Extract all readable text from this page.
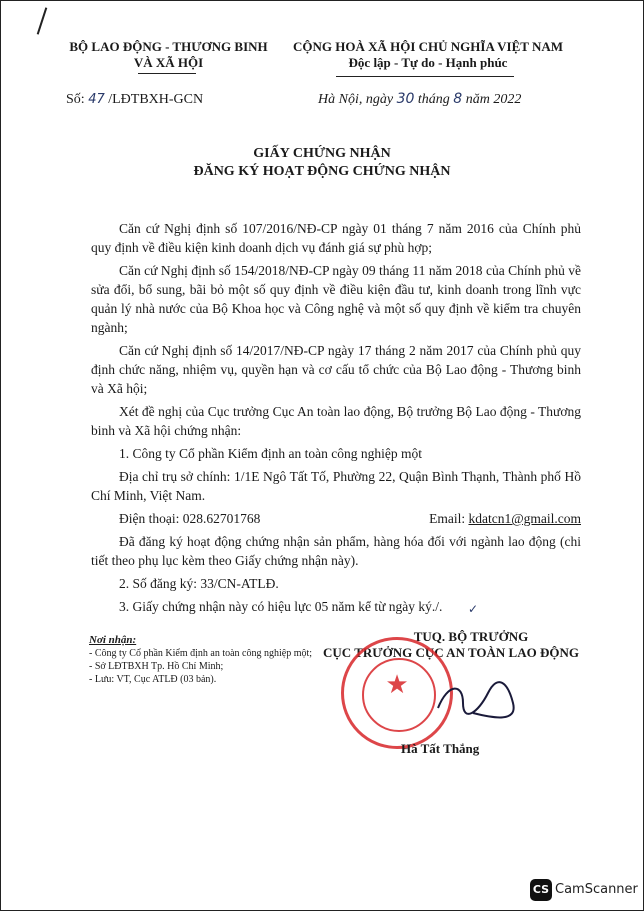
BỘ LAO ĐỘNG - THƯƠNG BINH
VÀ XÃ HỘI
CỘNG HOÀ XÃ HỘI CHỦ NGHĨA VIỆT NAM
Độc lập - Tự do - Hạnh phúc
Số: 47 /LĐTBXH-GCN	Hà Nội, ngày 30 tháng 8 năm 2022
GIẤY CHỨNG NHẬN
ĐĂNG KÝ HOẠT ĐỘNG CHỨNG NHẬN

Căn cứ Nghị định số 107/2016/NĐ-CP ngày 01 tháng 7 năm 2016 của Chính phủ quy định về điều kiện kinh doanh dịch vụ đánh giá sự phù hợp;

Căn cứ Nghị định số 154/2018/NĐ-CP ngày 09 tháng 11 năm 2018 của Chính phủ về sửa đổi, bổ sung, bãi bỏ một số quy định về điều kiện đầu tư, kinh doanh trong lĩnh vực quản lý nhà nước của Bộ Khoa học và Công nghệ và một số quy định về kiểm tra chuyên ngành;

Căn cứ Nghị định số 14/2017/NĐ-CP ngày 17 tháng 2 năm 2017 của Chính phủ quy định chức năng, nhiệm vụ, quyền hạn và cơ cấu tổ chức của Bộ Lao động - Thương binh và Xã hội;

Xét đề nghị của Cục trưởng Cục An toàn lao động, Bộ trưởng Bộ Lao động - Thương binh và Xã hội chứng nhận:

1. Công ty Cổ phần Kiểm định an toàn công nghiệp một

Địa chỉ trụ sở chính: 1/1E Ngô Tất Tố, Phường 22, Quận Bình Thạnh, Thành phố Hồ Chí Minh, Việt Nam.

Điện thoại: 028.62701768	Email: kdatcn1@gmail.com

Đã đăng ký hoạt động chứng nhận sản phẩm, hàng hóa đối với ngành lao động (chi tiết theo phụ lục kèm theo Giấy chứng nhận này).

2. Số đăng ký: 33/CN-ATLĐ.

3. Giấy chứng nhận này có hiệu lực 05 năm kể từ ngày ký./.	✓
Nơi nhận:
- Công ty Cổ phần Kiểm định an toàn công nghiệp một;
- Sở LĐTBXH Tp. Hồ Chí Minh;
- Lưu: VT, Cục ATLĐ (03 bản).
TUQ. BỘ TRƯỞNG
CỤC TRƯỞNG CỤC AN TOÀN LAO ĐỘNG
★
Hà Tất Thắng
CS CamScanner
